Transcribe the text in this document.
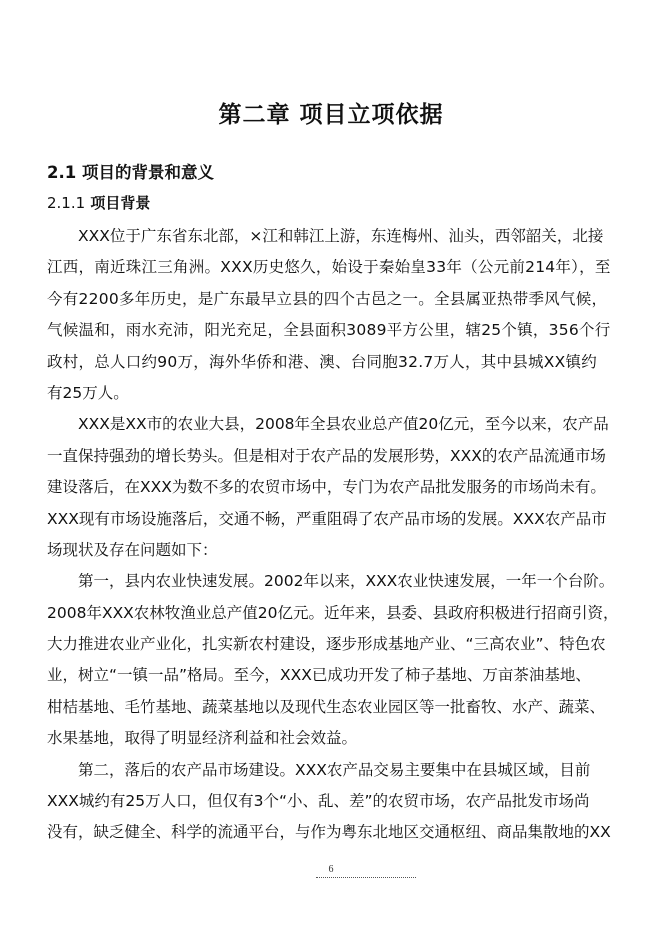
第二章 项目立项依据
2.1 项目的背景和意义
2.1.1 项目背景
XXX位于广东省东北部，×江和韩江上游，东连梅州、汕头，西邻韶关，北接
江西，南近珠江三角洲。XXX历史悠久，始设于秦始皇33年（公元前214年），至
今有2200多年历史，是广东最早立县的四个古邑之一。全县属亚热带季风气候，
气候温和，雨水充沛，阳光充足，全县面积3089平方公里，辖25个镇，356个行
政村，总人口约90万，海外华侨和港、澳、台同胞32.7万人，其中县城XX镇约
有25万人。
XXX是XX市的农业大县，2008年全县农业总产值20亿元，至今以来，农产品
一直保持强劲的增长势头。但是相对于农产品的发展形势，XXX的农产品流通市场
建设落后，在XXX为数不多的农贸市场中，专门为农产品批发服务的市场尚未有。
XXX现有市场设施落后，交通不畅，严重阻碍了农产品市场的发展。XXX农产品市
场现状及存在问题如下：
第一，县内农业快速发展。2002年以来，XXX农业快速发展，一年一个台阶。
2008年XXX农林牧渔业总产值20亿元。近年来，县委、县政府积极进行招商引资，
大力推进农业产业化，扎实新农村建设，逐步形成基地产业、“三高农业”、特色农
业，树立“一镇一品”格局。至今，XXX已成功开发了柿子基地、万亩茶油基地、
柑桔基地、毛竹基地、蔬菜基地以及现代生态农业园区等一批畜牧、水产、蔬菜、
水果基地，取得了明显经济利益和社会效益。
第二，落后的农产品市场建设。XXX农产品交易主要集中在县城区域，目前
XXX城约有25万人口，但仅有3个“小、乱、差”的农贸市场，农产品批发市场尚
没有，缺乏健全、科学的流通平台，与作为粤东北地区交通枢纽、商品集散地的XX
6
